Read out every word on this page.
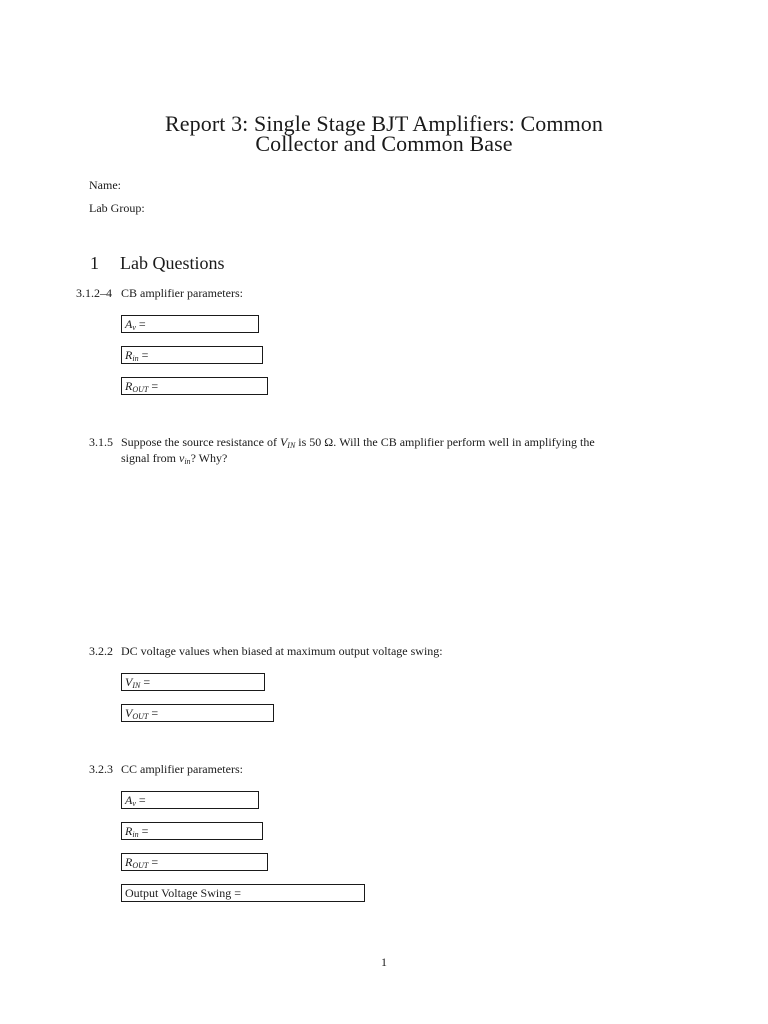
Report 3: Single Stage BJT Amplifiers: Common
Collector and Common Base
Name:
Lab Group:
1 Lab Questions
3.1.2–4 CB amplifier parameters:
$A_v$ =
$R_{in}$ =
$R_{OUT}$ =
3.1.5 Suppose the source resistance of $V_{IN}$ is 50 Ω. Will the CB amplifier perform well in amplifying the
signal from $v_{in}$? Why?
3.2.2 DC voltage values when biased at maximum output voltage swing:
$V_{IN}$ =
$V_{OUT}$ =
3.2.3 CC amplifier parameters:
$A_v$ =
$R_{in}$ =
$R_{OUT}$ =
Output Voltage Swing =
1
